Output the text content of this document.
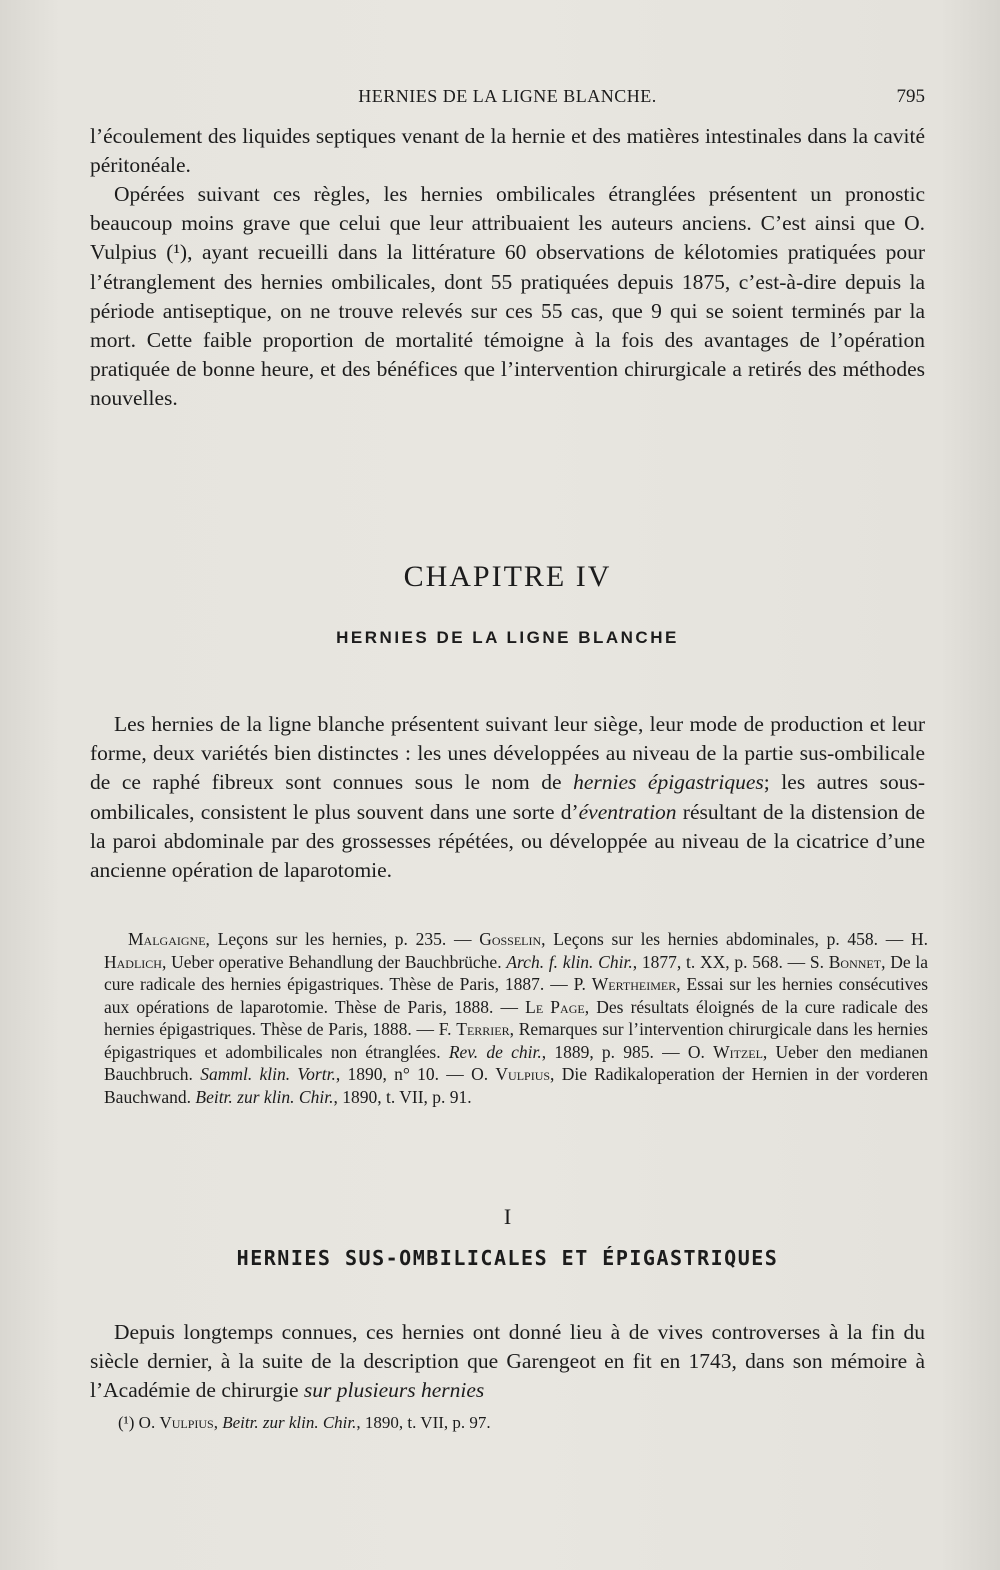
HERNIES DE LA LIGNE BLANCHE.	795

l’écoulement des liquides septiques venant de la hernie et des matières intestinales dans la cavité péritonéale.

Opérées suivant ces règles, les hernies ombilicales étranglées présentent un pronostic beaucoup moins grave que celui que leur attribuaient les auteurs anciens. C’est ainsi que O. Vulpius (¹), ayant recueilli dans la littérature 60 observations de kélotomies pratiquées pour l’étranglement des hernies ombilicales, dont 55 pratiquées depuis 1875, c’est-à-dire depuis la période antiseptique, on ne trouve relevés sur ces 55 cas, que 9 qui se soient terminés par la mort. Cette faible proportion de mortalité témoigne à la fois des avantages de l’opération pratiquée de bonne heure, et des bénéfices que l’intervention chirurgicale a retirés des méthodes nouvelles.

CHAPITRE IV
HERNIES DE LA LIGNE BLANCHE

Les hernies de la ligne blanche présentent suivant leur siège, leur mode de production et leur forme, deux variétés bien distinctes : les unes développées au niveau de la partie sus-ombilicale de ce raphé fibreux sont connues sous le nom de hernies épigastriques; les autres sous-ombilicales, consistent le plus souvent dans une sorte d’éventration résultant de la distension de la paroi abdominale par des grossesses répétées, ou développée au niveau de la cicatrice d’une ancienne opération de laparotomie.

Malgaigne, Leçons sur les hernies, p. 235. — Gosselin, Leçons sur les hernies abdominales, p. 458. — H. Hadlich, Ueber operative Behandlung der Bauchbrüche. Arch. f. klin. Chir., 1877, t. XX, p. 568. — S. Bonnet, De la cure radicale des hernies épigastriques. Thèse de Paris, 1887. — P. Wertheimer, Essai sur les hernies consécutives aux opérations de laparotomie. Thèse de Paris, 1888. — Le Page, Des résultats éloignés de la cure radicale des hernies épigastriques. Thèse de Paris, 1888. — F. Terrier, Remarques sur l’intervention chirurgicale dans les hernies épigastriques et adombilicales non étranglées. Rev. de chir., 1889, p. 985. — O. Witzel, Ueber den medianen Bauchbruch. Samml. klin. Vortr., 1890, n° 10. — O. Vulpius, Die Radikaloperation der Hernien in der vorderen Bauchwand. Beitr. zur klin. Chir., 1890, t. VII, p. 91.

I
HERNIES SUS-OMBILICALES ET ÉPIGASTRIQUES

Depuis longtemps connues, ces hernies ont donné lieu à de vives controverses à la fin du siècle dernier, à la suite de la description que Garengeot en fit en 1743, dans son mémoire à l’Académie de chirurgie sur plusieurs hernies

(¹) O. Vulpius, Beitr. zur klin. Chir., 1890, t. VII, p. 97.
